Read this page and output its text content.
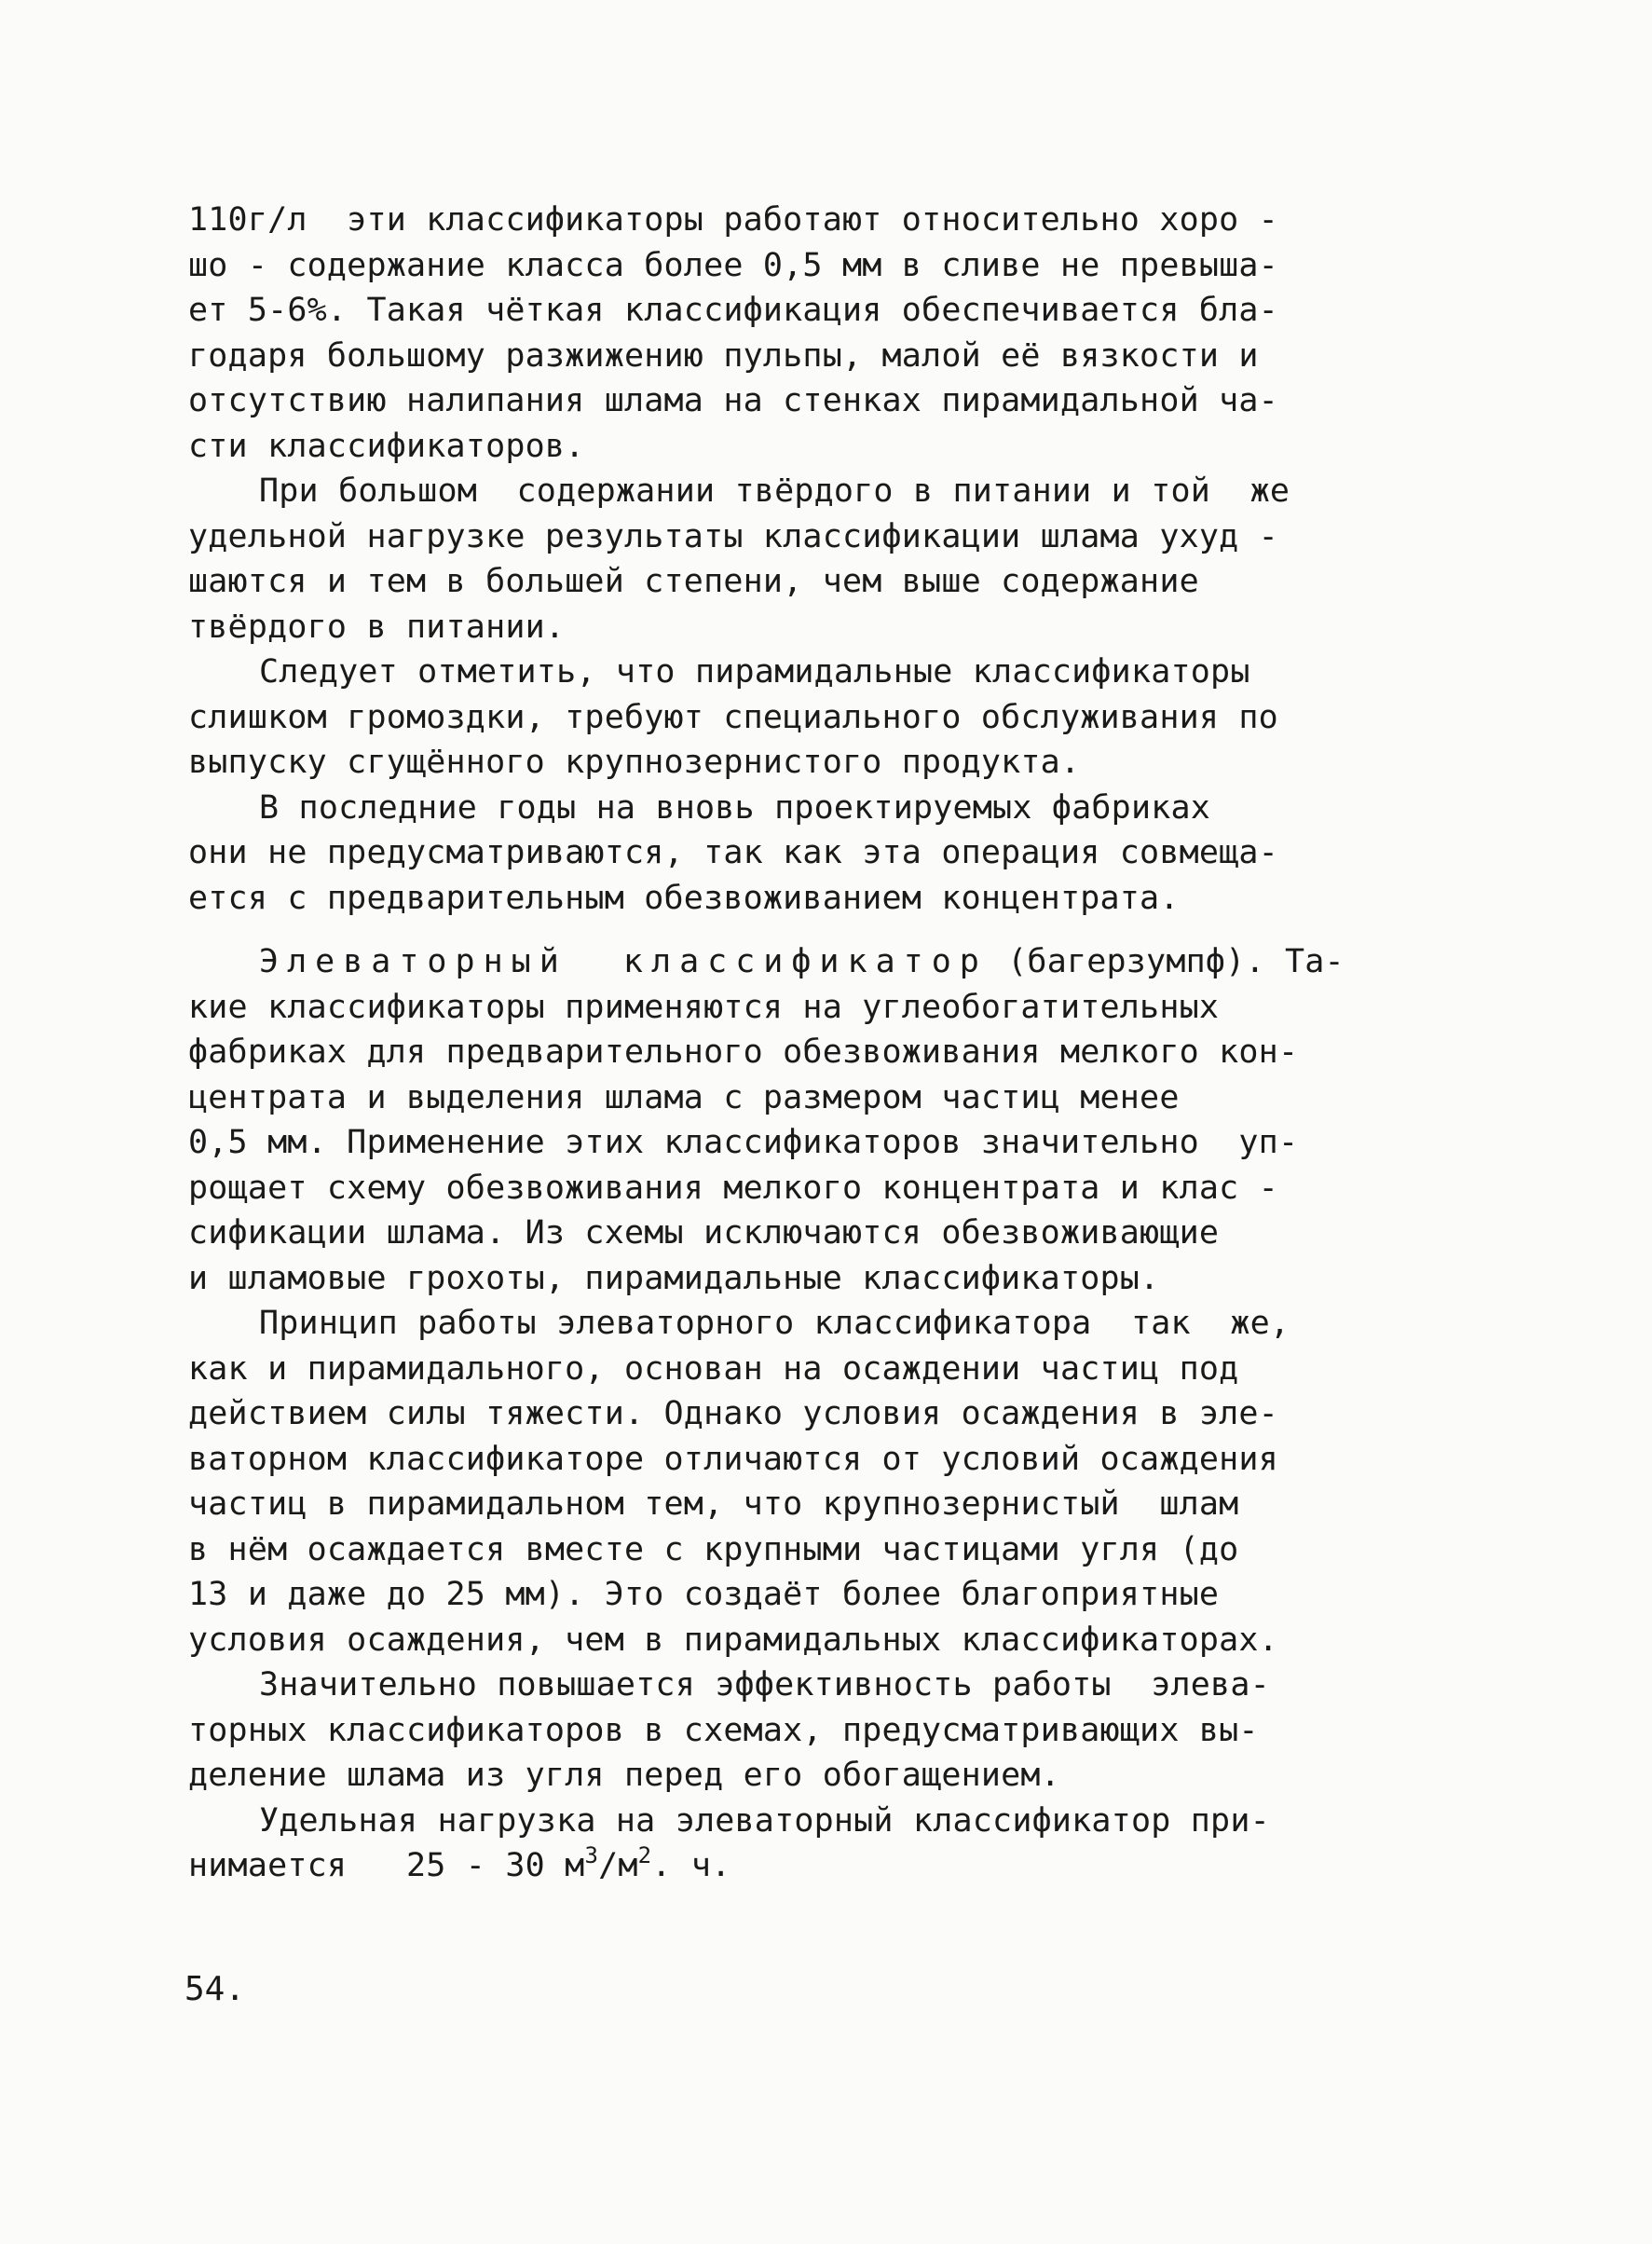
110г/л  эти классификаторы работают относительно хоро -
шо - содержание класса более 0,5 мм в сливе не превыша-
ет 5-6%. Такая чёткая классификация обеспечивается бла-
годаря большому разжижению пульпы, малой её вязкости и
отсутствию налипания шлама на стенках пирамидальной ча-
сти классификаторов.
При большом  содержании твёрдого в питании и той  же
удельной нагрузке результаты классификации шлама ухуд -
шаются и тем в большей степени, чем выше содержание
твёрдого в питании.
Следует отметить, что пирамидальные классификаторы
слишком громоздки, требуют специального обслуживания по
выпуску сгущённого крупнозернистого продукта.
В последние годы на вновь проектируемых фабриках
они не предусматриваются, так как эта операция совмеща-
ется с предварительным обезвоживанием концентрата.
Элеваторный  классификатор (багерзумпф). Та-
кие классификаторы применяются на углеобогатительных
фабриках для предварительного обезвоживания мелкого кон-
центрата и выделения шлама с размером частиц менее
0,5 мм. Применение этих классификаторов значительно  уп-
рощает схему обезвоживания мелкого концентрата и клас -
сификации шлама. Из схемы исключаются обезвоживающие
и шламовые грохоты, пирамидальные классификаторы.
Принцип работы элеваторного классификатора  так  же,
как и пирамидального, основан на осаждении частиц под
действием силы тяжести. Однако условия осаждения в эле-
ваторном классификаторе отличаются от условий осаждения
частиц в пирамидальном тем, что крупнозернистый  шлам
в нём осаждается вместе с крупными частицами угля (до
13 и даже до 25 мм). Это создаёт более благоприятные
условия осаждения, чем в пирамидальных классификаторах.
Значительно повышается эффективность работы  элева-
торных классификаторов в схемах, предусматривающих вы-
деление шлама из угля перед его обогащением.
Удельная нагрузка на элеваторный классификатор при-
нимается   25 - 30 $м^3/м^2$. ч.
54.
